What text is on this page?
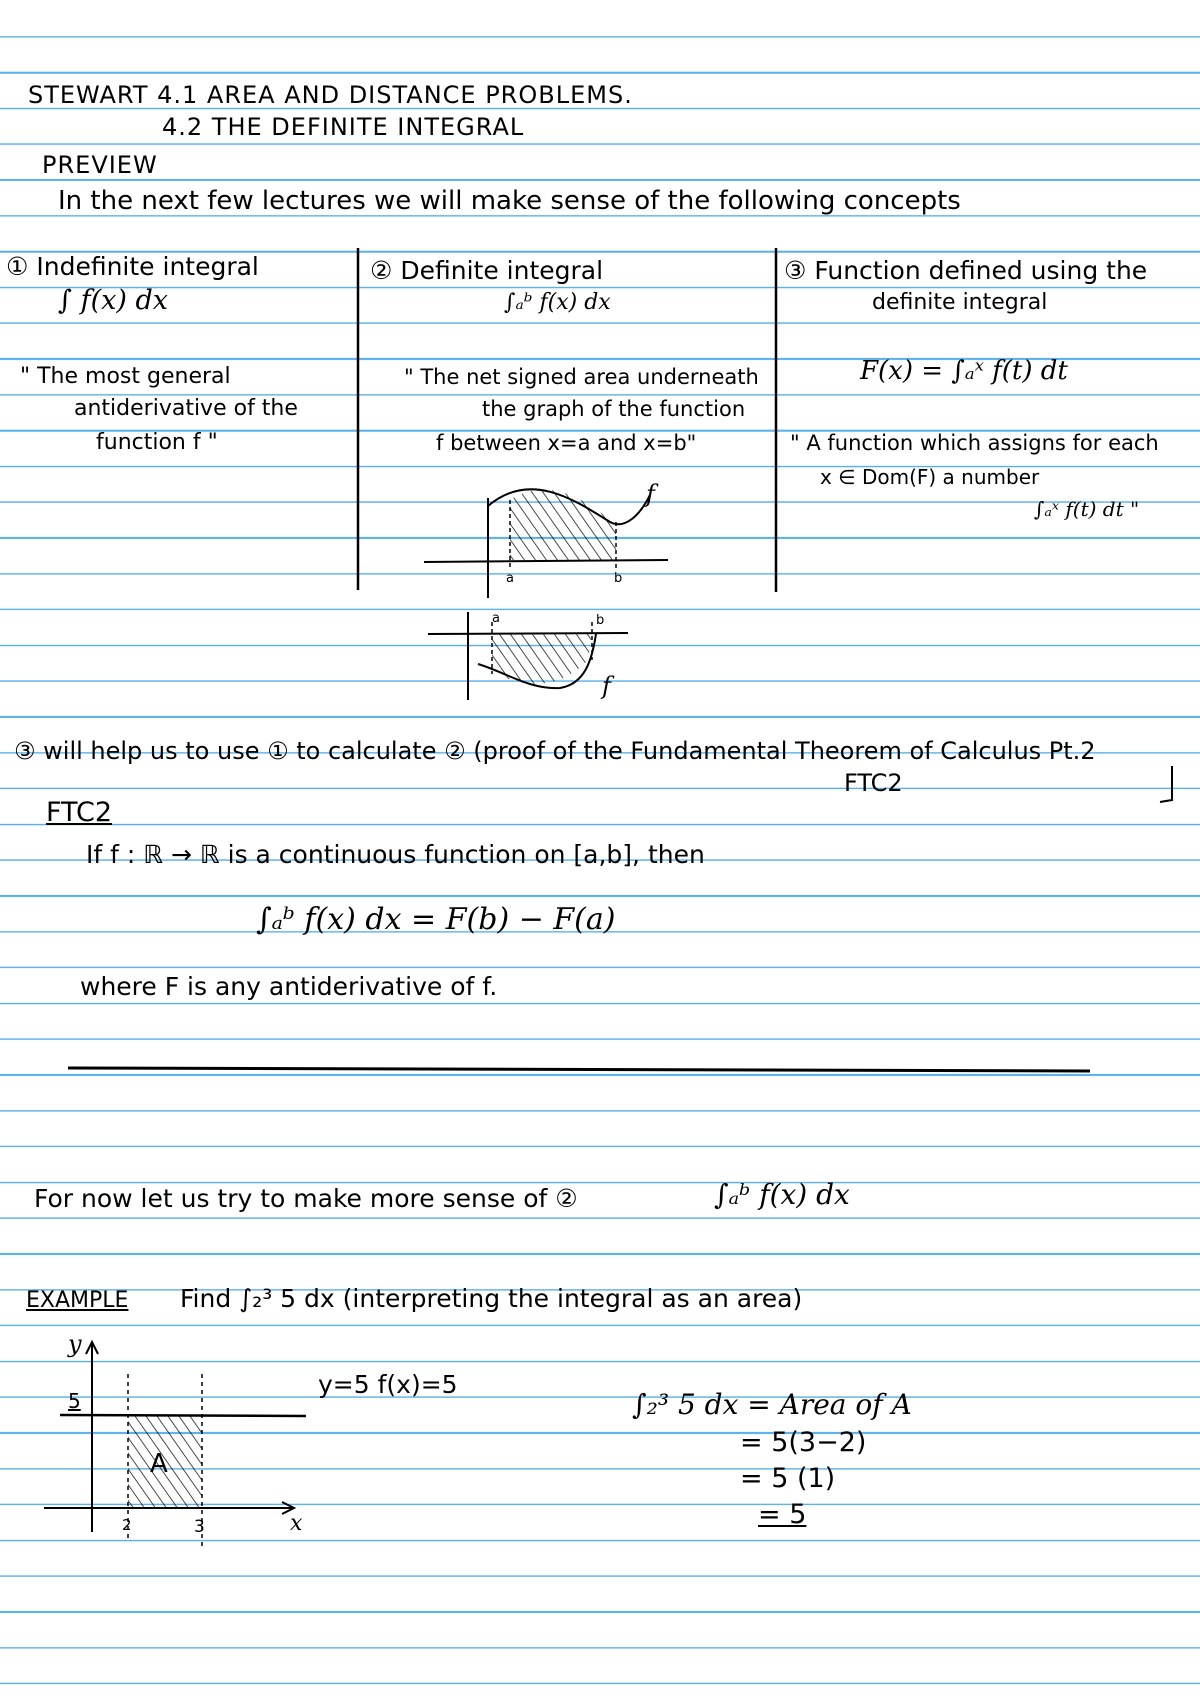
STEWART 4.1 AREA AND DISTANCE PROBLEMS.
4.2 THE DEFINITE INTEGRAL
PREVIEW
In the next few lectures we will make sense of the following concepts
① Indefinite integral
∫ f(x) dx
" The most general
antiderivative of the
function f "
② Definite integral
∫ₐᵇ f(x) dx
" The net signed area underneath
the graph of the function
f between x=a and x=b"
③ Function defined using the
definite integral
F(x) = ∫ₐˣ f(t) dt
" A function which assigns for each
x ∈ Dom(F) a number
∫ₐˣ f(t) dt "
f
a	b
f
a	b
③ will help us to use ① to calculate ② (proof of the Fundamental Theorem of Calculus Pt.2
FTC2
FTC2
If f : ℝ → ℝ is a continuous function on [a,b], then
∫ₐᵇ f(x) dx = F(b) − F(a)
where F is any antiderivative of f.
For now let us try to make more sense of ②	∫ₐᵇ f(x) dx
EXAMPLE Find ∫₂³ 5 dx (interpreting the integral as an area)
y
x
5
2	3
A
y=5 f(x)=5
∫₂³ 5 dx = Area of A
= 5(3−2)
= 5 (1)
= 5
